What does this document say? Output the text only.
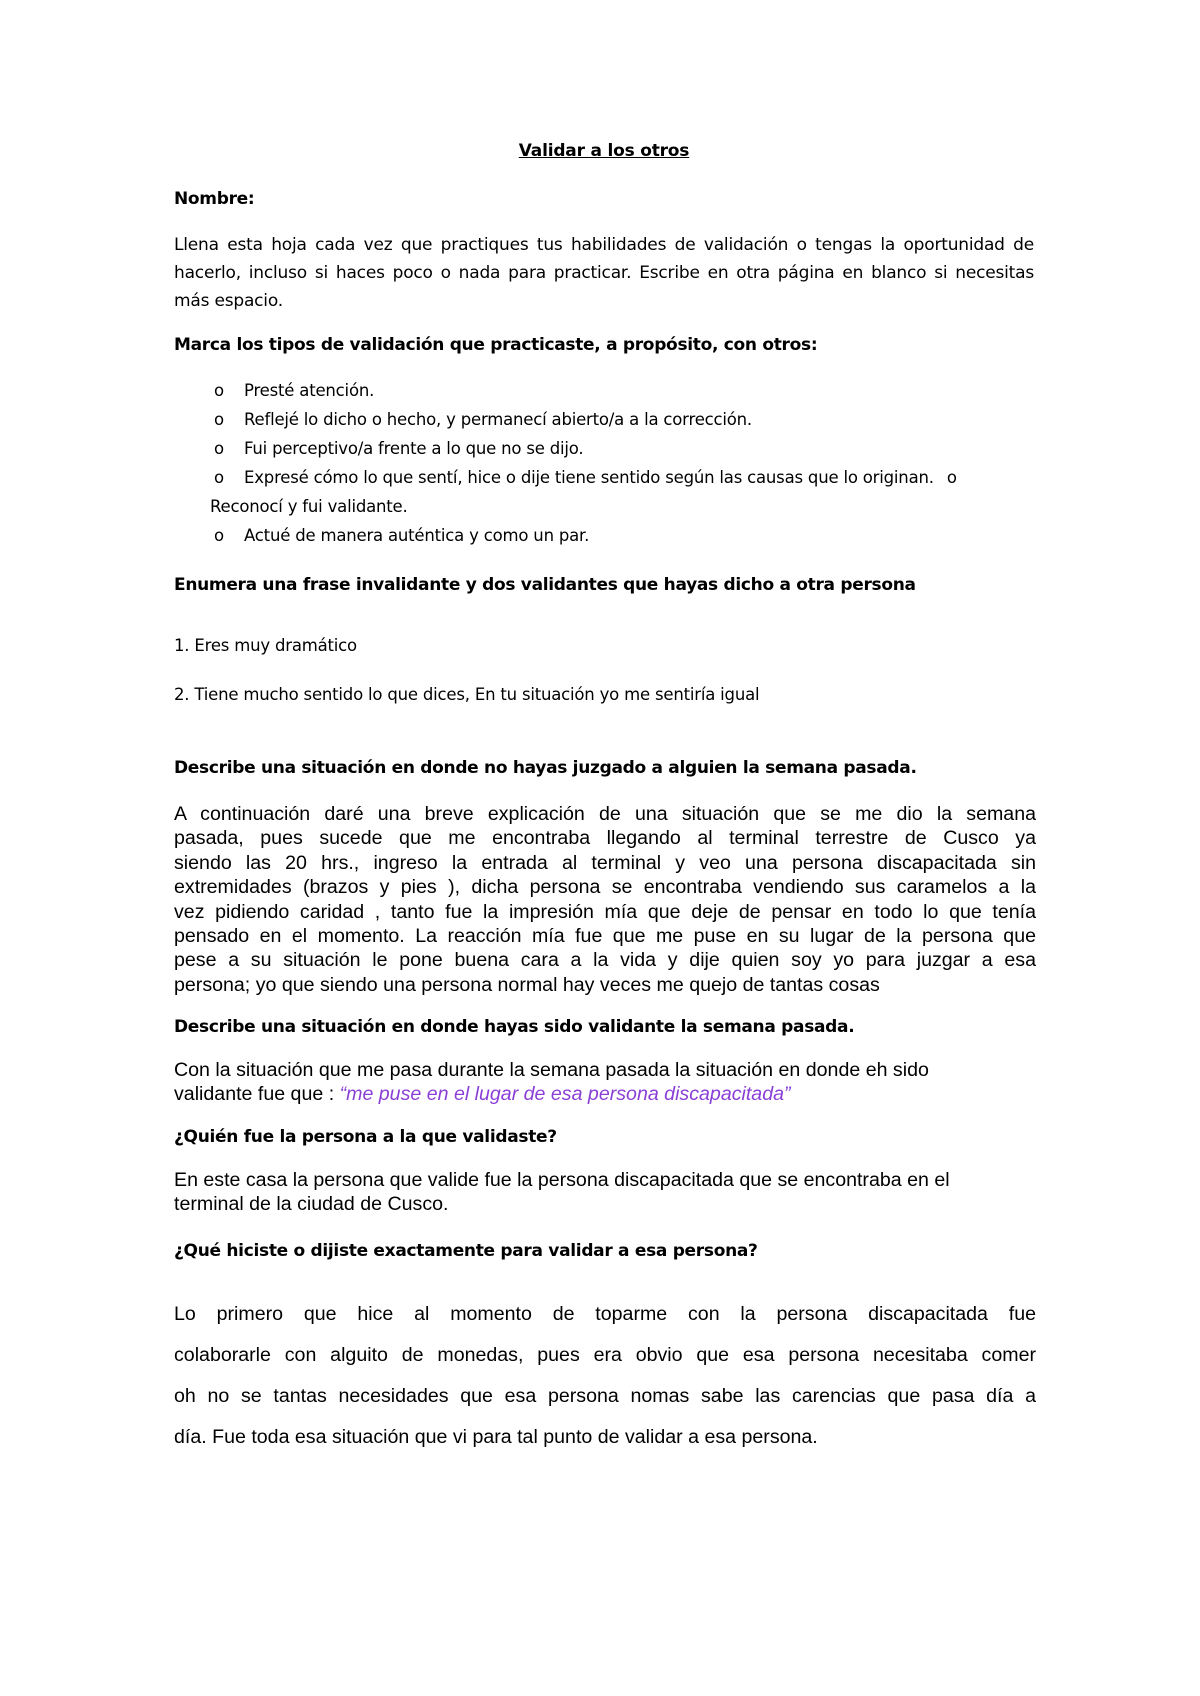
Validar a los otros
Nombre:
Llena esta hoja cada vez que practiques tus habilidades de validación o tengas la oportunidad de
hacerlo, incluso si haces poco o nada para practicar. Escribe en otra página en blanco si necesitas
más espacio.
Marca los tipos de validación que practicaste, a propósito, con otros:
o Presté atención.
o Reflejé lo dicho o hecho, y permanecí abierto/a a la corrección.
o Fui perceptivo/a frente a lo que no se dijo.
o Expresé cómo lo que sentí, hice o dije tiene sentido según las causas que lo originan. o
Reconocí y fui validante.
o Actué de manera auténtica y como un par.
Enumera una frase invalidante y dos validantes que hayas dicho a otra persona
1. Eres muy dramático
2. Tiene mucho sentido lo que dices, En tu situación yo me sentiría igual
Describe una situación en donde no hayas juzgado a alguien la semana pasada.
A continuación daré una breve explicación de una situación que se me dio la semana
pasada, pues sucede que me encontraba llegando al terminal terrestre de Cusco ya
siendo las 20 hrs., ingreso la entrada al terminal y veo una persona discapacitada sin
extremidades (brazos y pies ), dicha persona se encontraba vendiendo sus caramelos a la
vez pidiendo caridad , tanto fue la impresión mía que deje de pensar en todo lo que tenía
pensado en el momento. La reacción mía fue que me puse en su lugar de la persona que
pese a su situación le pone buena cara a la vida y dije quien soy yo para juzgar a esa
persona; yo que siendo una persona normal hay veces me quejo de tantas cosas
Describe una situación en donde hayas sido validante la semana pasada.
Con la situación que me pasa durante la semana pasada la situación en donde eh sido
validante fue que : “me puse en el lugar de esa persona discapacitada”
¿Quién fue la persona a la que validaste?
En este casa la persona que valide fue la persona discapacitada que se encontraba en el
terminal de la ciudad de Cusco.
¿Qué hiciste o dijiste exactamente para validar a esa persona?
Lo primero que hice al momento de toparme con la persona discapacitada fue
colaborarle con alguito de monedas, pues era obvio que esa persona necesitaba comer
oh no se tantas necesidades que esa persona nomas sabe las carencias que pasa día a
día. Fue toda esa situación que vi para tal punto de validar a esa persona.
